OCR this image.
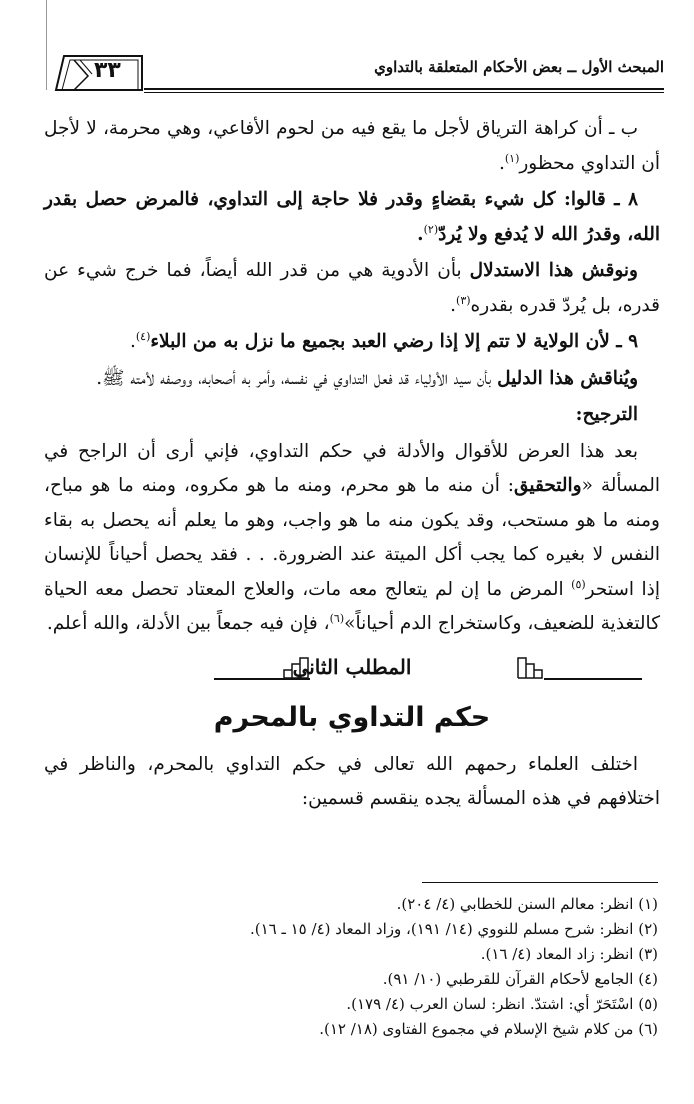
٣٣	المبحث الأول ــ بعض الأحكام المتعلقة بالتداوي

ب ـ أن كراهة الترياق لأجل ما يقع فيه من لحوم الأفاعي، وهي محرمة، لا لأجل أن التداوي محظور$^{(١)}$.

٨ ـ قالوا: كل شيء بقضاءٍ وقدر فلا حاجة إلى التداوي، فالمرض حصل بقدر الله، وقدرُ الله لا يُدفع ولا يُردّ$^{(٢)}$.

ونوقش هذا الاستدلال بأن الأدوية هي من قدر الله أيضاً، فما خرج شيء عن قدره، بل يُردّ قدره بقدره$^{(٣)}$.

٩ ـ لأن الولاية لا تتم إلا إذا رضي العبد بجميع ما نزل به من البلاء$^{(٤)}$.

ويُناقش هذا الدليل بأن سيد الأولياء قد فعل التداوي في نفسه، وأمر به أصحابه، ووصفه لأمته ﷺ.

الترجيح:

بعد هذا العرض للأقوال والأدلة في حكم التداوي، فإني أرى أن الراجح في المسألة «والتحقيق: أن منه ما هو محرم، ومنه ما هو مكروه، ومنه ما هو مباح، ومنه ما هو مستحب، وقد يكون منه ما هو واجب، وهو ما يعلم أنه يحصل به بقاء النفس لا بغيره كما يجب أكل الميتة عند الضرورة. . . فقد يحصل أحياناً للإنسان إذا استحر$^{(٥)}$ المرض ما إن لم يتعالج معه مات، والعلاج المعتاد تحصل معه الحياة كالتغذية للضعيف، وكاستخراج الدم أحياناً»$^{(٦)}$، فإن فيه جمعاً بين الأدلة، والله أعلم.

المطلب الثاني
حكم التداوي بالمحرم

اختلف العلماء رحمهم الله تعالى في حكم التداوي بالمحرم، والناظر في اختلافهم في هذه المسألة يجده ينقسم قسمين:

(١) انظر: معالم السنن للخطابي (٤/ ٢٠٤).
(٢) انظر: شرح مسلم للنووي (١٤/ ١٩١)، وزاد المعاد (٤/ ١٥ ـ ١٦).
(٣) انظر: زاد المعاد (٤/ ١٦).
(٤) الجامع لأحكام القرآن للقرطبي (١٠/ ٩١).
(٥) اسْتَحَرّ أي: اشتدّ. انظر: لسان العرب (٤/ ١٧٩).
(٦) من كلام شيخ الإسلام في مجموع الفتاوى (١٨/ ١٢).
